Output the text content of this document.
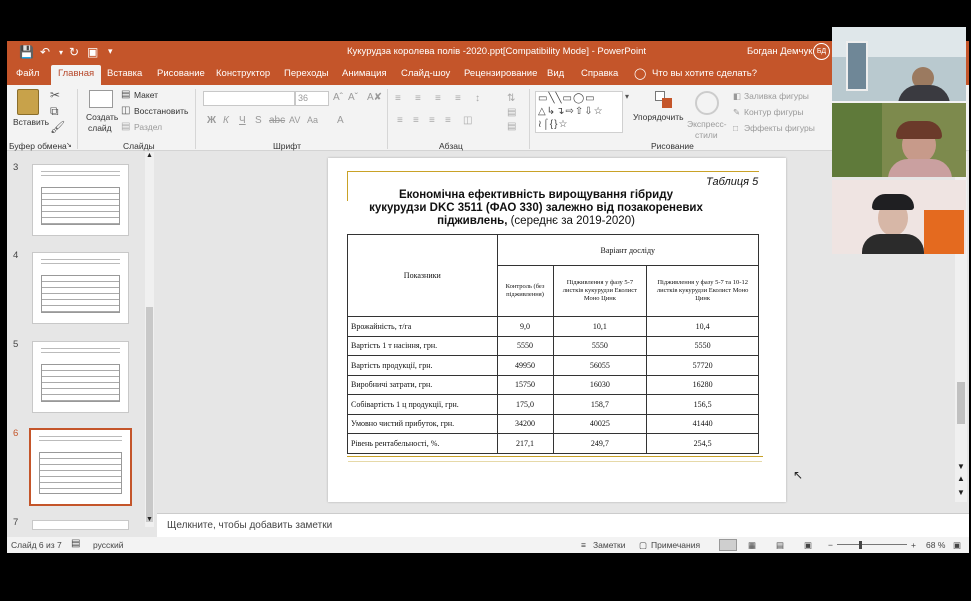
💾 ↶ ▾ ↻ ▣ ▾	Кукурудза королева полів -2020.ppt[Compatibility Mode] - PowerPoint	Богдан Демчук БД
Файл	Главная	Вставка Рисование Конструктор Переходы Анимация Слайд-шоу Рецензирование Вид Справка ◯ Что вы хотите сделать?
Вставить
✂
⧉
🖌
Буфер обмена ↘
Создать
слайд
▤ Макет
◫ Восстановить
▤ Раздел
Слайды
36 Aˆ Aˇ A✘
Ж К Ч S abc AV Aa A
Шрифт
≡ ≡ ≡ ≡ ↕
≡ ≡ ≡ ≡ ◫
⇅
▤
▤
Абзац
▭╲╲▭◯▭
△↳↴⇨⇧⇩☆
≀⌠{}☆
▾
Упорядочить
Экспресс-
стили
◧ Заливка фигуры
✎ Контур фигуры
□ Эффекты фигуры
Рисование
3
4
5
6
7
▲
▼
Таблиця 5
Економічна ефективність вирощування гібриду
кукурудзи DKC 3511 (ФАО 330) залежно від позакореневих
підживлень, (середнє за 2019-2020)
Показники	Варіант досліду		
	Контроль (без підживлення)	Підживлення у фазу 5-7 листків кукурудзи Еколист Моно Цинк	Підживлення у фазу 5-7 та 10-12 листків кукурудзи Еколист Моно Цинк
Врожайність, т/га	9,0	10,1	10,4
Вартість 1 т насіння, грн.	5550	5550	5550
Вартість продукції, грн.	49950	56055	57720
Виробничі затрати, грн.	15750	16030	16280
Собівартість 1 ц продукції, грн.	175,0	158,7	156,5
Умовно чистий прибуток, грн.	34200	40025	41440
Рівень рентабельності, %.	217,1	249,7	254,5
↖
▼
▲
▼
Щелкните, чтобы добавить заметки
Слайд 6 из 7 ▤ русский	≡ Заметки ▢ Примечания	▦ ▤ ▣ −	+ 68 % ▣
